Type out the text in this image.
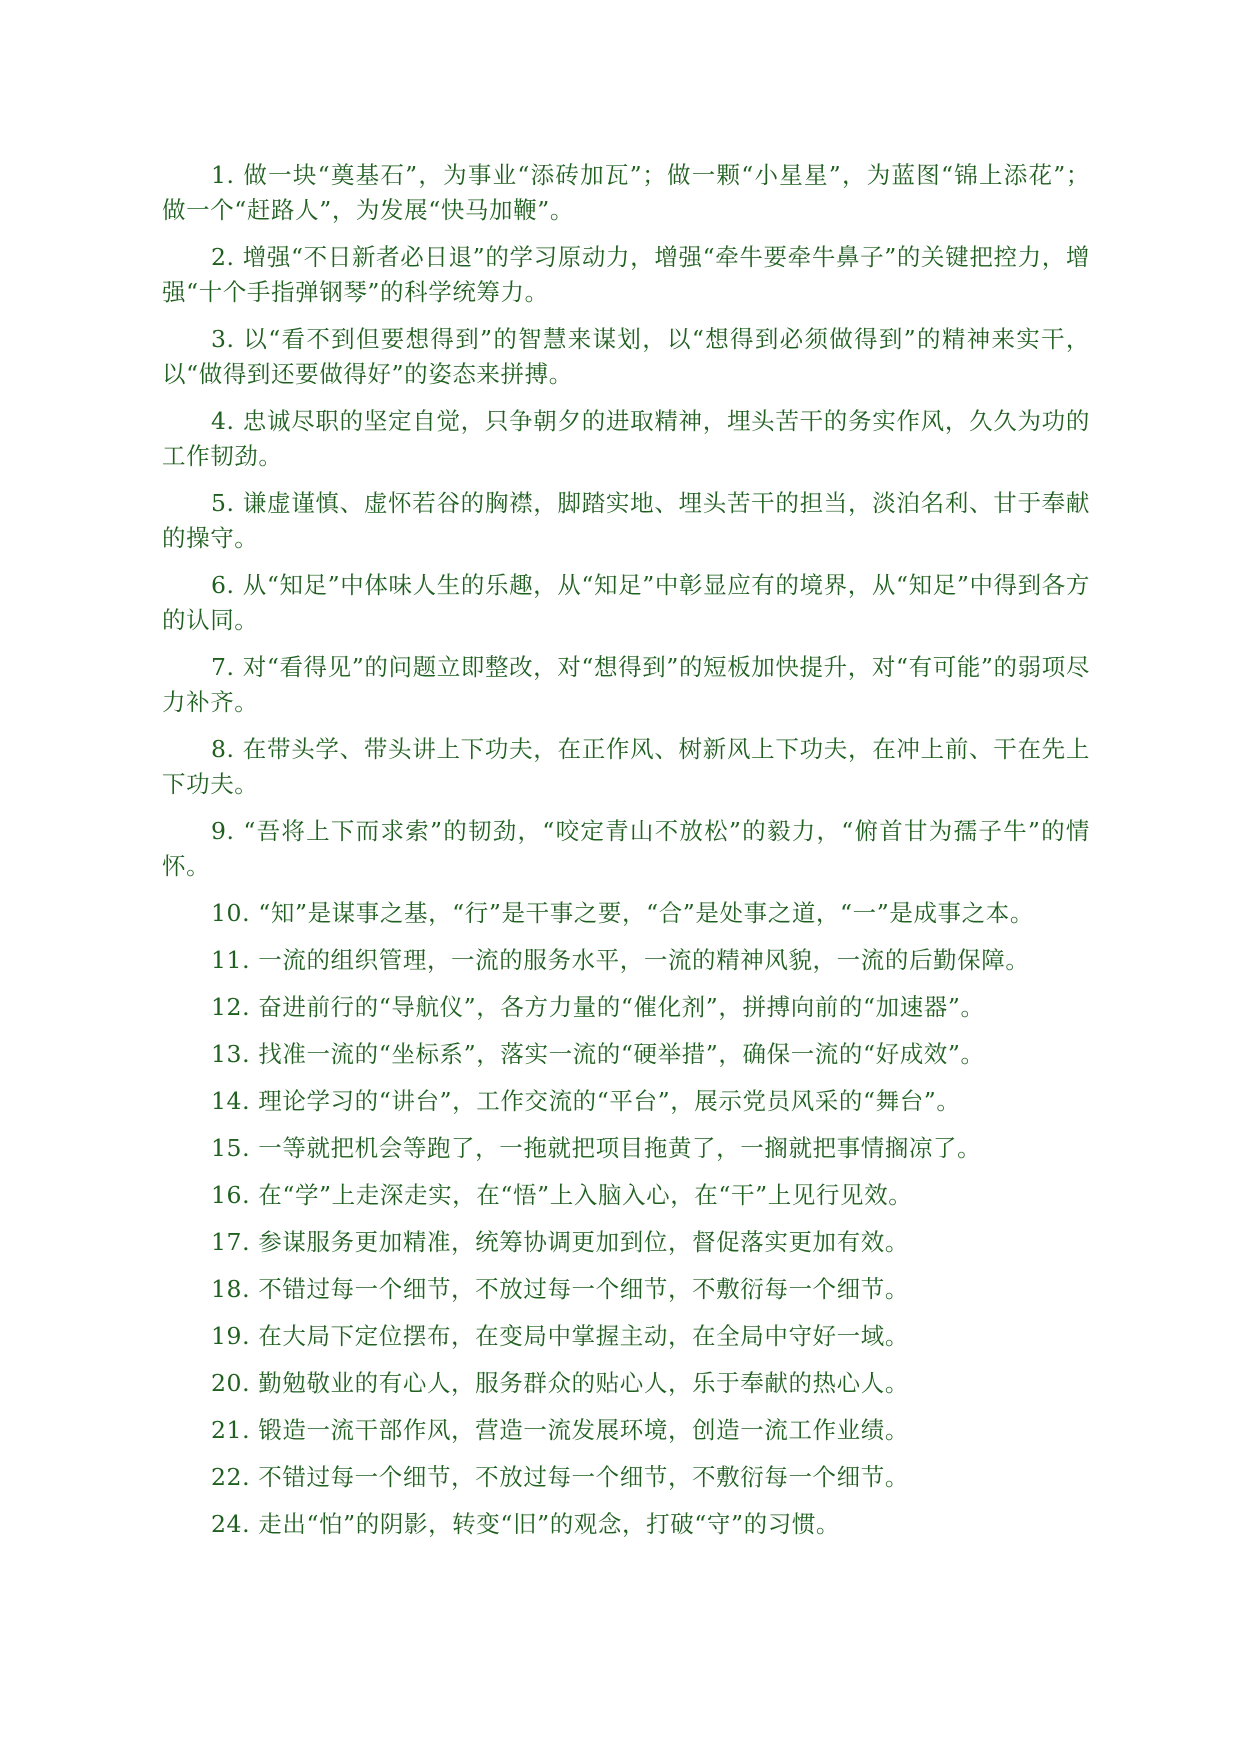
1. 做一块“奠基石”，为事业“添砖加瓦”；做一颗“小星星”，为蓝图“锦上添花”；做一个“赶路人”，为发展“快马加鞭”。

2. 增强“不日新者必日退”的学习原动力，增强“牵牛要牵牛鼻子”的关键把控力，增强“十个手指弹钢琴”的科学统筹力。

3. 以“看不到但要想得到”的智慧来谋划，以“想得到必须做得到”的精神来实干，以“做得到还要做得好”的姿态来拼搏。

4. 忠诚尽职的坚定自觉，只争朝夕的进取精神，埋头苦干的务实作风，久久为功的工作韧劲。

5. 谦虚谨慎、虚怀若谷的胸襟，脚踏实地、埋头苦干的担当，淡泊名利、甘于奉献的操守。

6. 从“知足”中体味人生的乐趣，从“知足”中彰显应有的境界，从“知足”中得到各方的认同。

7. 对“看得见”的问题立即整改，对“想得到”的短板加快提升，对“有可能”的弱项尽力补齐。

8. 在带头学、带头讲上下功夫，在正作风、树新风上下功夫，在冲上前、干在先上下功夫。

9. “吾将上下而求索”的韧劲，“咬定青山不放松”的毅力，“俯首甘为孺子牛”的情怀。

10. “知”是谋事之基，“行”是干事之要，“合”是处事之道，“一”是成事之本。

11. 一流的组织管理，一流的服务水平，一流的精神风貌，一流的后勤保障。

12. 奋进前行的“导航仪”，各方力量的“催化剂”，拼搏向前的“加速器”。

13. 找准一流的“坐标系”，落实一流的“硬举措”，确保一流的“好成效”。

14. 理论学习的“讲台”，工作交流的“平台”，展示党员风采的“舞台”。

15. 一等就把机会等跑了，一拖就把项目拖黄了，一搁就把事情搁凉了。

16. 在“学”上走深走实，在“悟”上入脑入心，在“干”上见行见效。

17. 参谋服务更加精准，统筹协调更加到位，督促落实更加有效。

18. 不错过每一个细节，不放过每一个细节，不敷衍每一个细节。

19. 在大局下定位摆布，在变局中掌握主动，在全局中守好一域。

20. 勤勉敬业的有心人，服务群众的贴心人，乐于奉献的热心人。

21. 锻造一流干部作风，营造一流发展环境，创造一流工作业绩。

22. 不错过每一个细节，不放过每一个细节，不敷衍每一个细节。

24. 走出“怕”的阴影，转变“旧”的观念，打破“守”的习惯。
